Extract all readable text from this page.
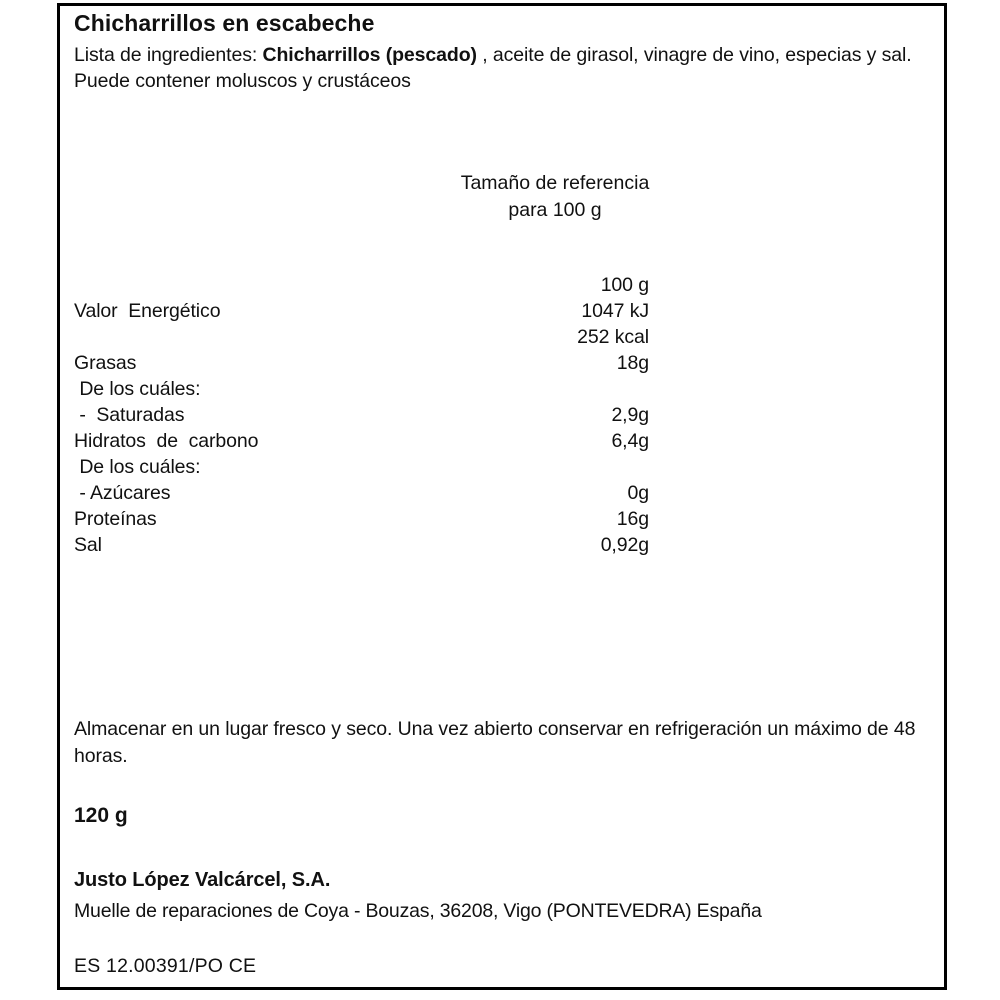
Chicharrillos en escabeche
Lista de ingredientes: Chicharrillos (pescado) , aceite de girasol, vinagre de vino, especias y sal. Puede contener moluscos y crustáceos
Tamaño de referencia
para 100 g
100 g
Valor  Energético	1047 kJ
252 kcal
Grasas	18g
De los cuáles:
-  Saturadas	2,9g
Hidratos  de  carbono	6,4g
De los cuáles:
- Azúcares	0g
Proteínas	16g
Sal	0,92g
Almacenar en un lugar fresco y seco. Una vez abierto conservar en refrigeración un máximo de 48 horas.
120 g
Justo López Valcárcel, S.A.
Muelle de reparaciones de Coya - Bouzas, 36208, Vigo (PONTEVEDRA) España
ES 12.00391/PO CE
